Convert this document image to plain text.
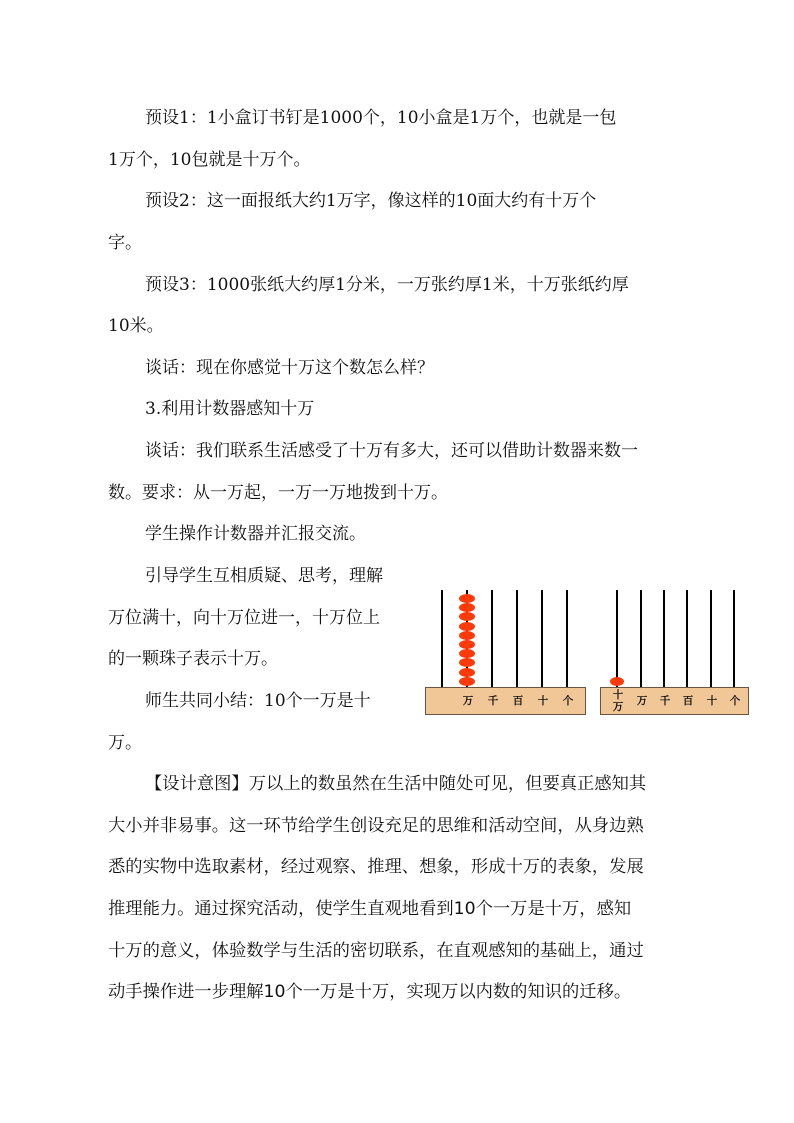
预设1：1小盒订书钉是1000个，10小盒是1万个，也就是一包
1万个，10包就是十万个。
预设2：这一面报纸大约1万字，像这样的10面大约有十万个
字。
预设3：1000张纸大约厚1分米，一万张约厚1米，十万张纸约厚
10米。
谈话：现在你感觉十万这个数怎么样？
3.利用计数器感知十万
谈话：我们联系生活感受了十万有多大，还可以借助计数器来数一
数。要求：从一万起，一万一万地拨到十万。
学生操作计数器并汇报交流。
引导学生互相质疑、思考，理解
万位满十，向十万位进一，十万位上
的一颗珠子表示十万。
师生共同小结：10个一万是十
万。
【设计意图】万以上的数虽然在生活中随处可见，但要真正感知其
大小并非易事。这一环节给学生创设充足的思维和活动空间，从身边熟
悉的实物中选取素材，经过观察、推理、想象，形成十万的表象，发展
推理能力。通过探究活动，使学生直观地看到10个一万是十万，感知
十万的意义，体验数学与生活的密切联系，在直观感知的基础上，通过
动手操作进一步理解10个一万是十万，实现万以内数的知识的迁移。
万	千	百	十	个	十
万	万	千	百	十	个
